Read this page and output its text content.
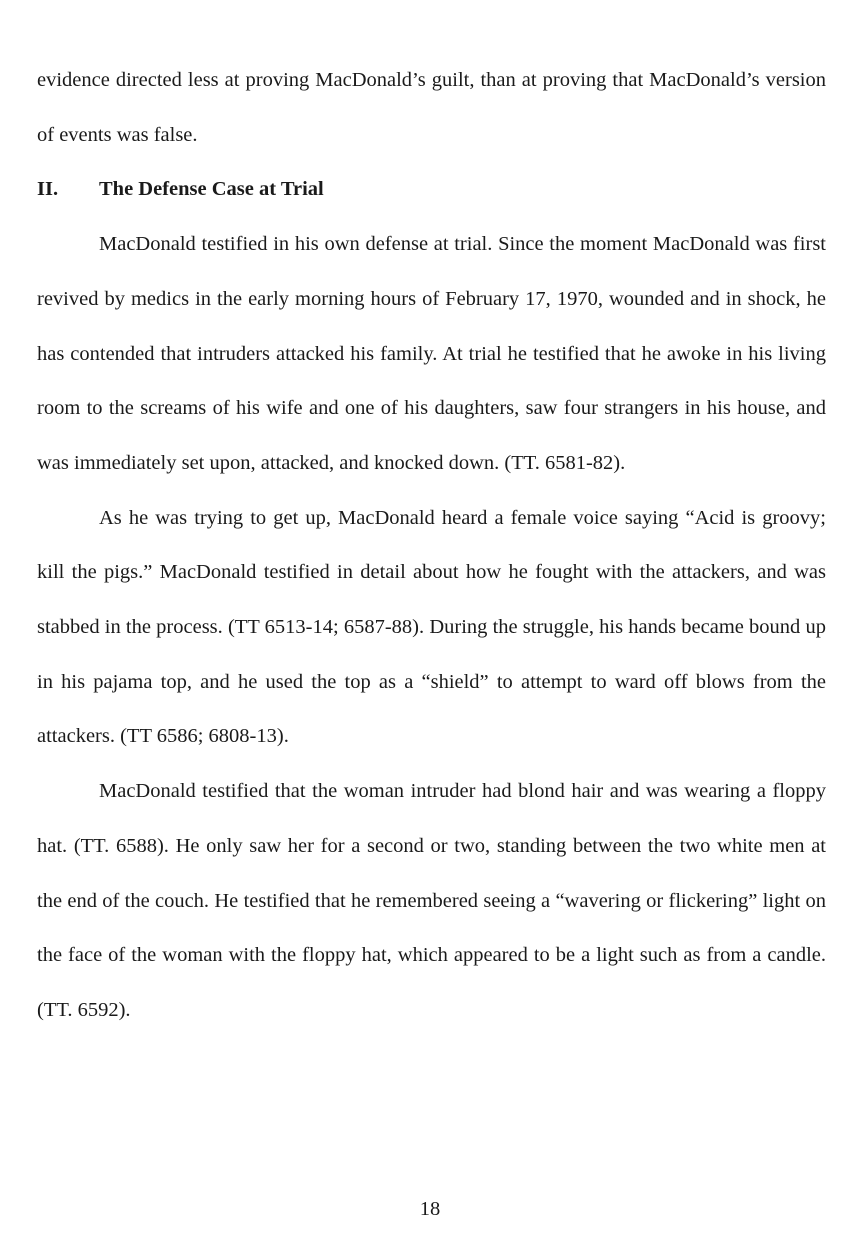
evidence directed less at proving MacDonald’s guilt, than at proving that MacDonald’s version of events was false.

II.	The Defense Case at Trial

MacDonald testified in his own defense at trial. Since the moment MacDonald was first revived by medics in the early morning hours of February 17, 1970, wounded and in shock, he has contended that intruders attacked his family. At trial he testified that he awoke in his living room to the screams of his wife and one of his daughters, saw four strangers in his house, and was immediately set upon, attacked, and knocked down. (TT. 6581-82).

As he was trying to get up, MacDonald heard a female voice saying “Acid is groovy; kill the pigs.” MacDonald testified in detail about how he fought with the attackers, and was stabbed in the process. (TT 6513-14; 6587-88). During the struggle, his hands became bound up in his pajama top, and he used the top as a “shield” to attempt to ward off blows from the attackers. (TT 6586; 6808-13).

MacDonald testified that the woman intruder had blond hair and was wearing a floppy hat. (TT. 6588). He only saw her for a second or two, standing between the two white men at the end of the couch. He testified that he remembered seeing a “wavering or flickering” light on the face of the woman with the floppy hat, which appeared to be a light such as from a candle. (TT. 6592).

18
